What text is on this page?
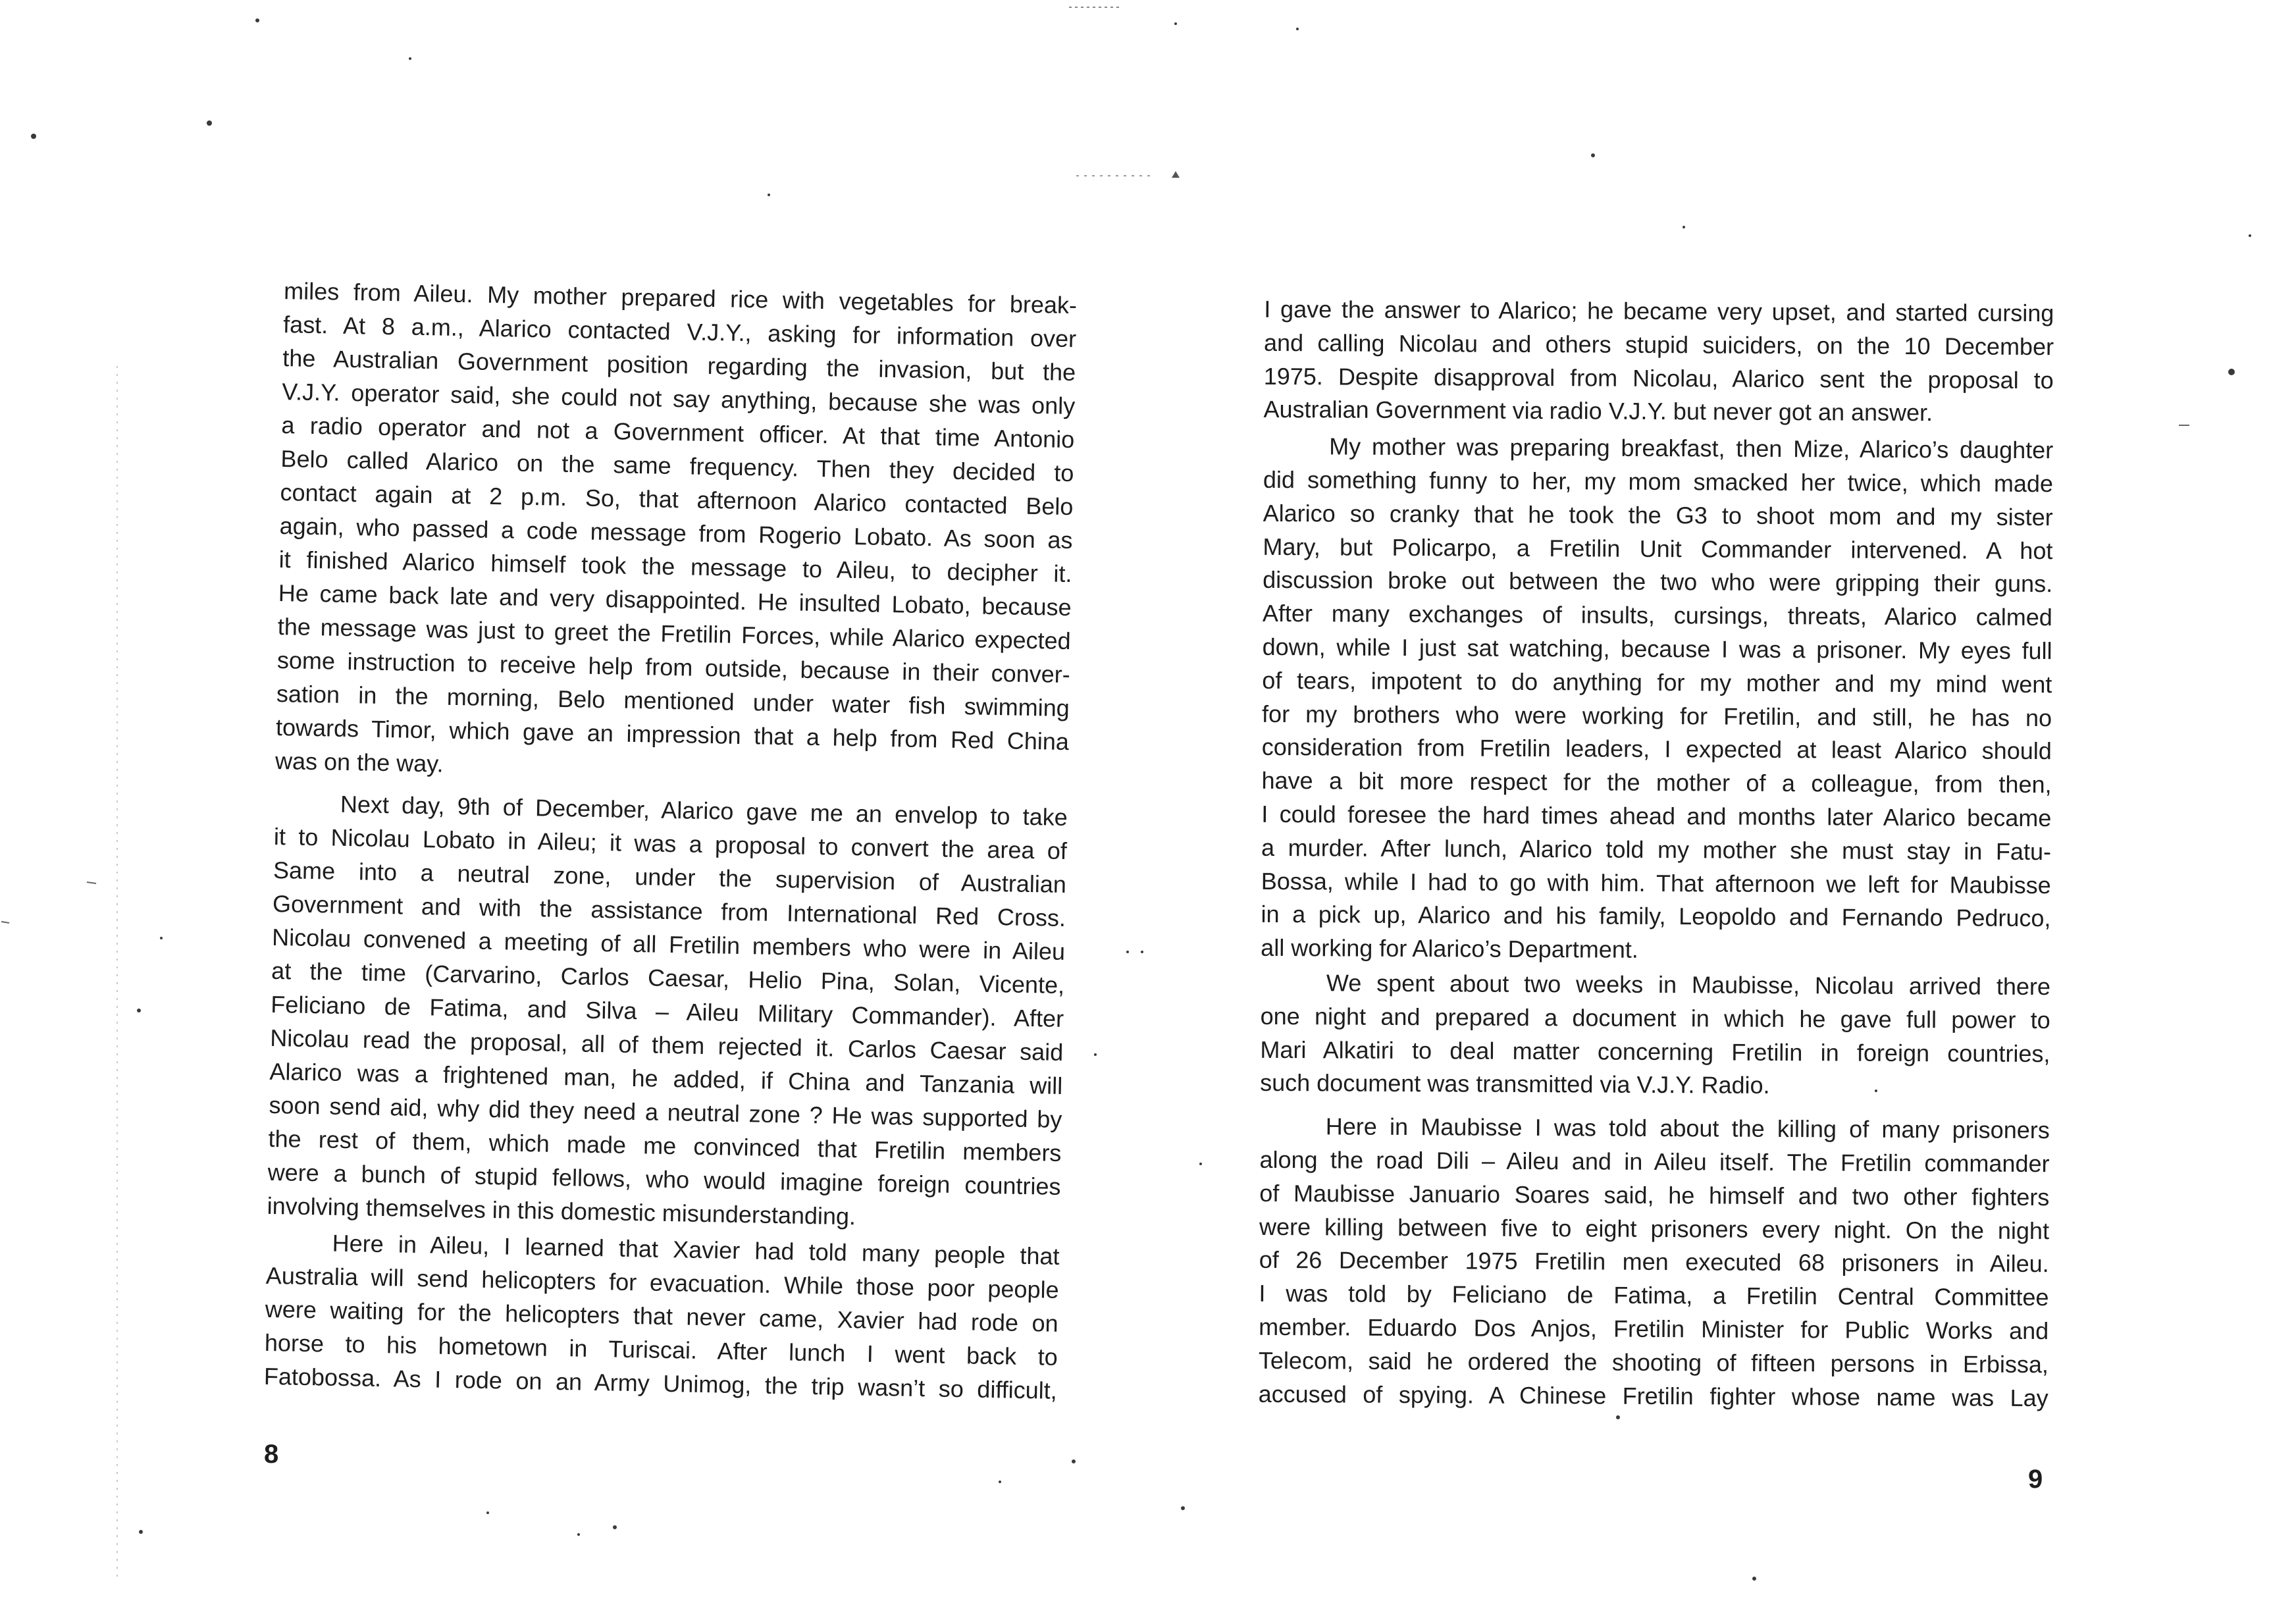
miles from Aileu. My mother prepared rice with vegetables for break-
fast. At 8 a.m., Alarico contacted V.J.Y., asking for information over
the Australian Government position regarding the invasion, but the
V.J.Y. operator said, she could not say anything, because she was only
a radio operator and not a Government officer. At that time Antonio
Belo called Alarico on the same frequency. Then they decided to
contact again at 2 p.m. So, that afternoon Alarico contacted Belo
again, who passed a code message from Rogerio Lobato. As soon as
it finished Alarico himself took the message to Aileu, to decipher it.
He came back late and very disappointed. He insulted Lobato, because
the message was just to greet the Fretilin Forces, while Alarico expected
some instruction to receive help from outside, because in their conver-
sation in the morning, Belo mentioned under water fish swimming
towards Timor, which gave an impression that a help from Red China
was on the way.
Next day, 9th of December, Alarico gave me an envelop to take
it to Nicolau Lobato in Aileu; it was a proposal to convert the area of
Same into a neutral zone, under the supervision of Australian
Government and with the assistance from International Red Cross.
Nicolau convened a meeting of all Fretilin members who were in Aileu
at the time (Carvarino, Carlos Caesar, Helio Pina, Solan, Vicente,
Feliciano de Fatima, and Silva – Aileu Military Commander). After
Nicolau read the proposal, all of them rejected it. Carlos Caesar said
Alarico was a frightened man, he added, if China and Tanzania will
soon send aid, why did they need a neutral zone ? He was supported by
the rest of them, which made me convinced that Fretilin members
were a bunch of stupid fellows, who would imagine foreign countries
involving themselves in this domestic misunderstanding.
Here in Aileu, I learned that Xavier had told many people that
Australia will send helicopters for evacuation. While those poor people
were waiting for the helicopters that never came, Xavier had rode on
horse to his hometown in Turiscai. After lunch I went back to
Fatobossa. As I rode on an Army Unimog, the trip wasn’t so difficult,
8
I gave the answer to Alarico; he became very upset, and started cursing
and calling Nicolau and others stupid suiciders, on the 10 December
1975. Despite disapproval from Nicolau, Alarico sent the proposal to
Australian Government via radio V.J.Y. but never got an answer.
My mother was preparing breakfast, then Mize, Alarico’s daughter
did something funny to her, my mom smacked her twice, which made
Alarico so cranky that he took the G3 to shoot mom and my sister
Mary, but Policarpo, a Fretilin Unit Commander intervened. A hot
discussion broke out between the two who were gripping their guns.
After many exchanges of insults, cursings, threats, Alarico calmed
down, while I just sat watching, because I was a prisoner. My eyes full
of tears, impotent to do anything for my mother and my mind went
for my brothers who were working for Fretilin, and still, he has no
consideration from Fretilin leaders, I expected at least Alarico should
have a bit more respect for the mother of a colleague, from then,
I could foresee the hard times ahead and months later Alarico became
a murder. After lunch, Alarico told my mother she must stay in Fatu-
Bossa, while I had to go with him. That afternoon we left for Maubisse
in a pick up, Alarico and his family, Leopoldo and Fernando Pedruco,
all working for Alarico’s Department.
We spent about two weeks in Maubisse, Nicolau arrived there
one night and prepared a document in which he gave full power to
Mari Alkatiri to deal matter concerning Fretilin in foreign countries,
such document was transmitted via V.J.Y. Radio.
Here in Maubisse I was told about the killing of many prisoners
along the road Dili – Aileu and in Aileu itself. The Fretilin commander
of Maubisse Januario Soares said, he himself and two other fighters
were killing between five to eight prisoners every night. On the night
of 26 December 1975 Fretilin men executed 68 prisoners in Aileu.
I was told by Feliciano de Fatima, a Fretilin Central Committee
member. Eduardo Dos Anjos, Fretilin Minister for Public Works and
Telecom, said he ordered the shooting of fifteen persons in Erbissa,
accused of spying. A Chinese Fretilin fighter whose name was Lay
9
